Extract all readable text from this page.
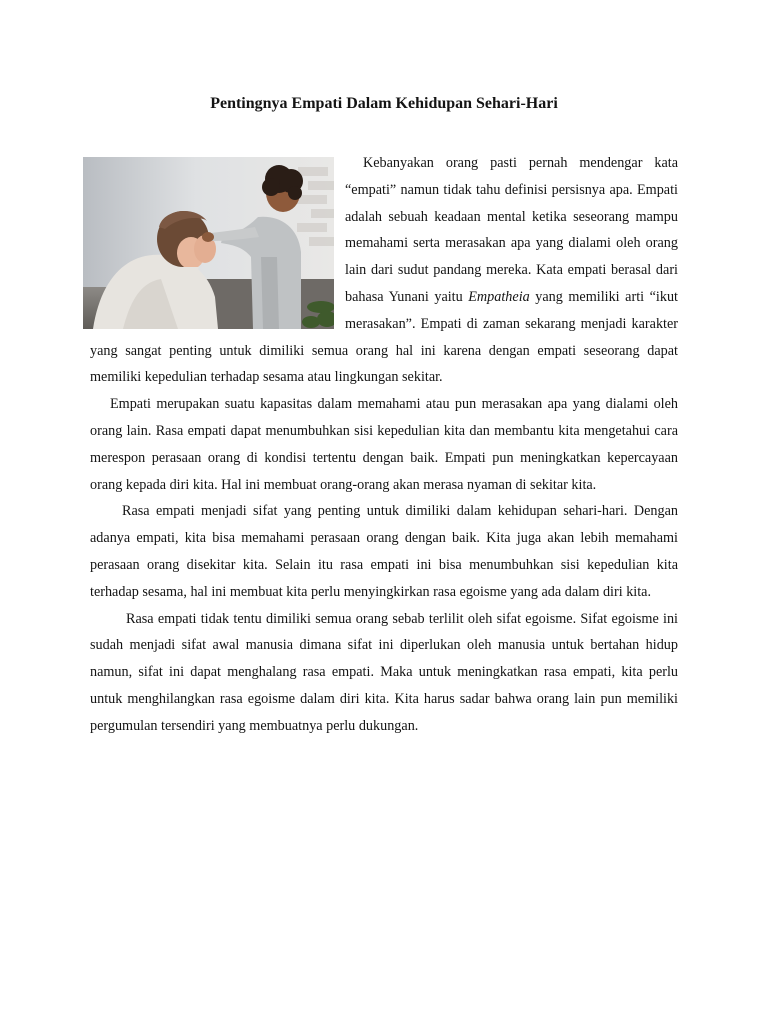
Pentingnya Empati Dalam Kehidupan Sehari-Hari

Kebanyakan orang pasti pernah mendengar kata “empati” namun tidak tahu definisi persisnya apa. Empati adalah sebuah keadaan mental ketika seseorang mampu memahami serta merasakan apa yang dialami oleh orang lain dari sudut pandang mereka. Kata empati berasal dari bahasa Yunani yaitu Empatheia yang memiliki arti “ikut merasakan”. Empati di zaman sekarang menjadi karakter yang sangat penting untuk dimiliki semua orang hal ini karena dengan empati seseorang dapat memiliki kepedulian terhadap sesama atau lingkungan sekitar.

Empati merupakan suatu kapasitas dalam memahami atau pun merasakan apa yang dialami oleh orang lain. Rasa empati dapat menumbuhkan sisi kepedulian kita dan membantu kita mengetahui cara merespon perasaan orang di kondisi tertentu dengan baik. Empati pun meningkatkan kepercayaan orang kepada diri kita. Hal ini membuat orang-orang akan merasa nyaman di sekitar kita.

Rasa empati menjadi sifat yang penting untuk dimiliki dalam kehidupan sehari-hari. Dengan adanya empati, kita bisa memahami perasaan orang dengan baik. Kita juga akan lebih memahami perasaan orang disekitar kita. Selain itu rasa empati ini bisa menumbuhkan sisi kepedulian kita terhadap sesama, hal ini membuat kita perlu menyingkirkan rasa egoisme yang ada dalam diri kita.

Rasa empati tidak tentu dimiliki semua orang sebab terlilit oleh sifat egoisme. Sifat egoisme ini sudah menjadi sifat awal manusia dimana sifat ini diperlukan oleh manusia untuk bertahan hidup namun, sifat ini dapat menghalang rasa empati. Maka untuk meningkatkan rasa empati, kita perlu untuk menghilangkan rasa egoisme dalam diri kita. Kita harus sadar bahwa orang lain pun memiliki pergumulan tersendiri yang membuatnya perlu dukungan.
